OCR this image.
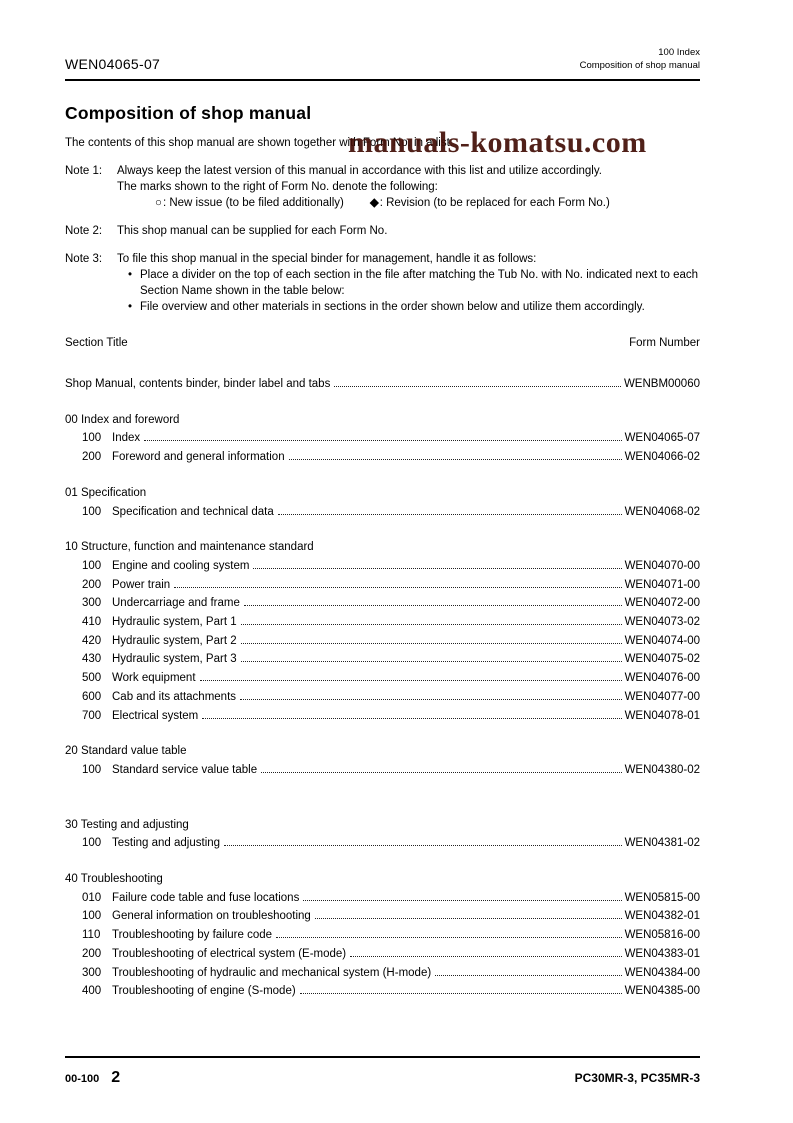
manuals-komatsu.com
WEN04065-07
100 Index
Composition of shop manual
Composition of shop manual

The contents of this shop manual are shown together with Form No. in a list.

Note 1:	Always keep the latest version of this manual in accordance with this list and utilize accordingly.
The marks shown to the right of Form No. denote the following:
○ : New issue (to be filed additionally) ◆ : Revision (to be replaced for each Form No.)
Note 2:	This shop manual can be supplied for each Form No.
Note 3:	To file this shop manual in the special binder for management, handle it as follows:
• Place a divider on the top of each section in the file after matching the Tub No. with No. indicated next to each Section Name shown in the table below:
• File overview and other materials in sections in the order shown below and utilize them accordingly.
Section Title	Form Number
Shop Manual, contents binder, binder label and tabs	WENBM00060
00 Index and foreword
100 Index	WEN04065-07
200 Foreword and general information	WEN04066-02
01 Specification
100 Specification and technical data	WEN04068-02
10 Structure, function and maintenance standard
100 Engine and cooling system	WEN04070-00
200 Power train	WEN04071-00
300 Undercarriage and frame	WEN04072-00
410 Hydraulic system, Part 1	WEN04073-02
420 Hydraulic system, Part 2	WEN04074-00
430 Hydraulic system, Part 3	WEN04075-02
500 Work equipment	WEN04076-00
600 Cab and its attachments	WEN04077-00
700 Electrical system	WEN04078-01
20 Standard value table
100 Standard service value table	WEN04380-02
30 Testing and adjusting
100 Testing and adjusting	WEN04381-02
40 Troubleshooting
010 Failure code table and fuse locations	WEN05815-00
100 General information on troubleshooting	WEN04382-01
110	Troubleshooting by failure code	WEN05816-00
200 Troubleshooting of electrical system (E-mode)	WEN04383-01
300 Troubleshooting of hydraulic and mechanical system (H-mode)	WEN04384-00
400 Troubleshooting of engine (S-mode)	WEN04385-00
00-100 2	PC30MR-3, PC35MR-3
